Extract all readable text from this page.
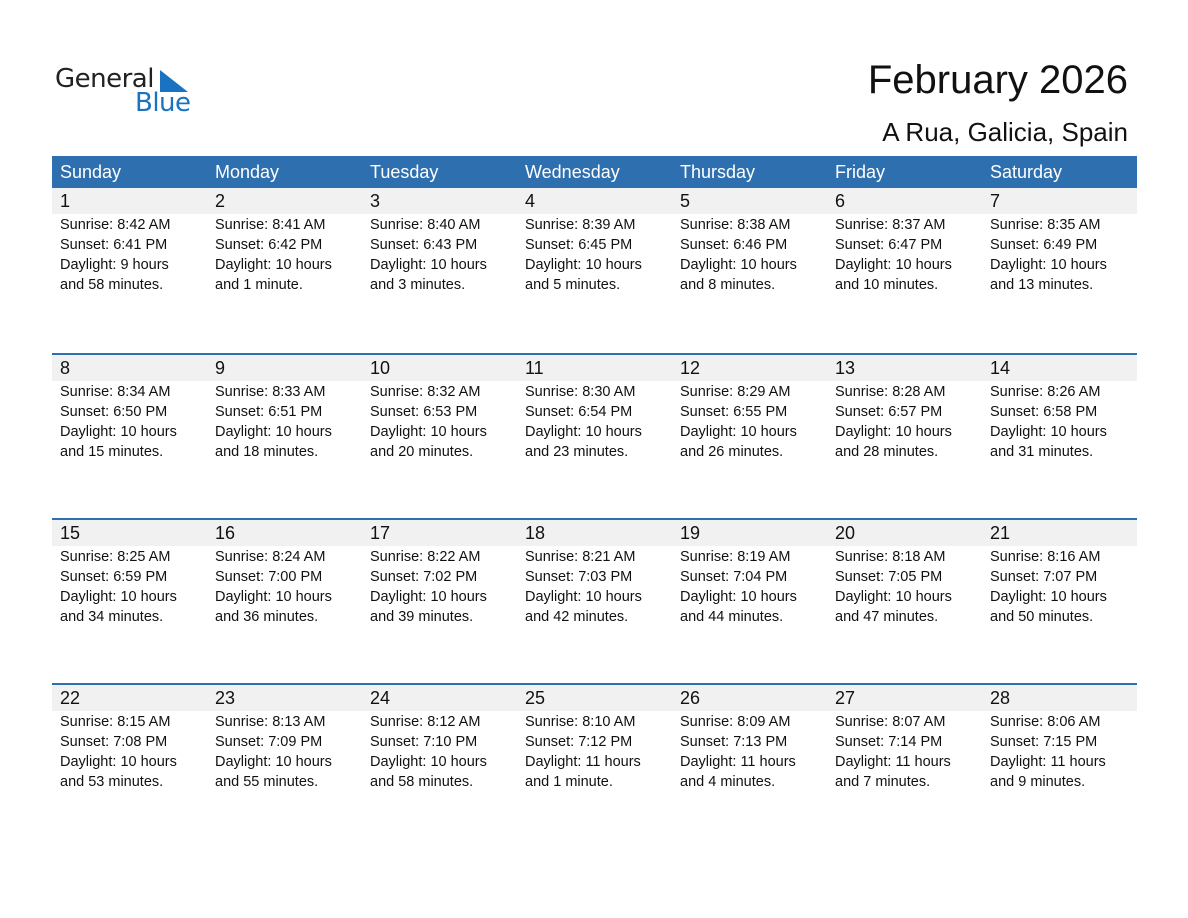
General
Blue
February 2026
A Rua, Galicia, Spain
Sunday	Monday	Tuesday	Wednesday	Thursday	Friday	Saturday
1	2	3	4	5	6	7
Sunrise: 8:42 AM
Sunset: 6:41 PM
Daylight: 9 hours
and 58 minutes.
Sunrise: 8:41 AM
Sunset: 6:42 PM
Daylight: 10 hours
and 1 minute.
Sunrise: 8:40 AM
Sunset: 6:43 PM
Daylight: 10 hours
and 3 minutes.
Sunrise: 8:39 AM
Sunset: 6:45 PM
Daylight: 10 hours
and 5 minutes.
Sunrise: 8:38 AM
Sunset: 6:46 PM
Daylight: 10 hours
and 8 minutes.
Sunrise: 8:37 AM
Sunset: 6:47 PM
Daylight: 10 hours
and 10 minutes.
Sunrise: 8:35 AM
Sunset: 6:49 PM
Daylight: 10 hours
and 13 minutes.
8	9	10	11	12	13	14
Sunrise: 8:34 AM
Sunset: 6:50 PM
Daylight: 10 hours
and 15 minutes.
Sunrise: 8:33 AM
Sunset: 6:51 PM
Daylight: 10 hours
and 18 minutes.
Sunrise: 8:32 AM
Sunset: 6:53 PM
Daylight: 10 hours
and 20 minutes.
Sunrise: 8:30 AM
Sunset: 6:54 PM
Daylight: 10 hours
and 23 minutes.
Sunrise: 8:29 AM
Sunset: 6:55 PM
Daylight: 10 hours
and 26 minutes.
Sunrise: 8:28 AM
Sunset: 6:57 PM
Daylight: 10 hours
and 28 minutes.
Sunrise: 8:26 AM
Sunset: 6:58 PM
Daylight: 10 hours
and 31 minutes.
15	16	17	18	19	20	21
Sunrise: 8:25 AM
Sunset: 6:59 PM
Daylight: 10 hours
and 34 minutes.
Sunrise: 8:24 AM
Sunset: 7:00 PM
Daylight: 10 hours
and 36 minutes.
Sunrise: 8:22 AM
Sunset: 7:02 PM
Daylight: 10 hours
and 39 minutes.
Sunrise: 8:21 AM
Sunset: 7:03 PM
Daylight: 10 hours
and 42 minutes.
Sunrise: 8:19 AM
Sunset: 7:04 PM
Daylight: 10 hours
and 44 minutes.
Sunrise: 8:18 AM
Sunset: 7:05 PM
Daylight: 10 hours
and 47 minutes.
Sunrise: 8:16 AM
Sunset: 7:07 PM
Daylight: 10 hours
and 50 minutes.
22	23	24	25	26	27	28
Sunrise: 8:15 AM
Sunset: 7:08 PM
Daylight: 10 hours
and 53 minutes.
Sunrise: 8:13 AM
Sunset: 7:09 PM
Daylight: 10 hours
and 55 minutes.
Sunrise: 8:12 AM
Sunset: 7:10 PM
Daylight: 10 hours
and 58 minutes.
Sunrise: 8:10 AM
Sunset: 7:12 PM
Daylight: 11 hours
and 1 minute.
Sunrise: 8:09 AM
Sunset: 7:13 PM
Daylight: 11 hours
and 4 minutes.
Sunrise: 8:07 AM
Sunset: 7:14 PM
Daylight: 11 hours
and 7 minutes.
Sunrise: 8:06 AM
Sunset: 7:15 PM
Daylight: 11 hours
and 9 minutes.
